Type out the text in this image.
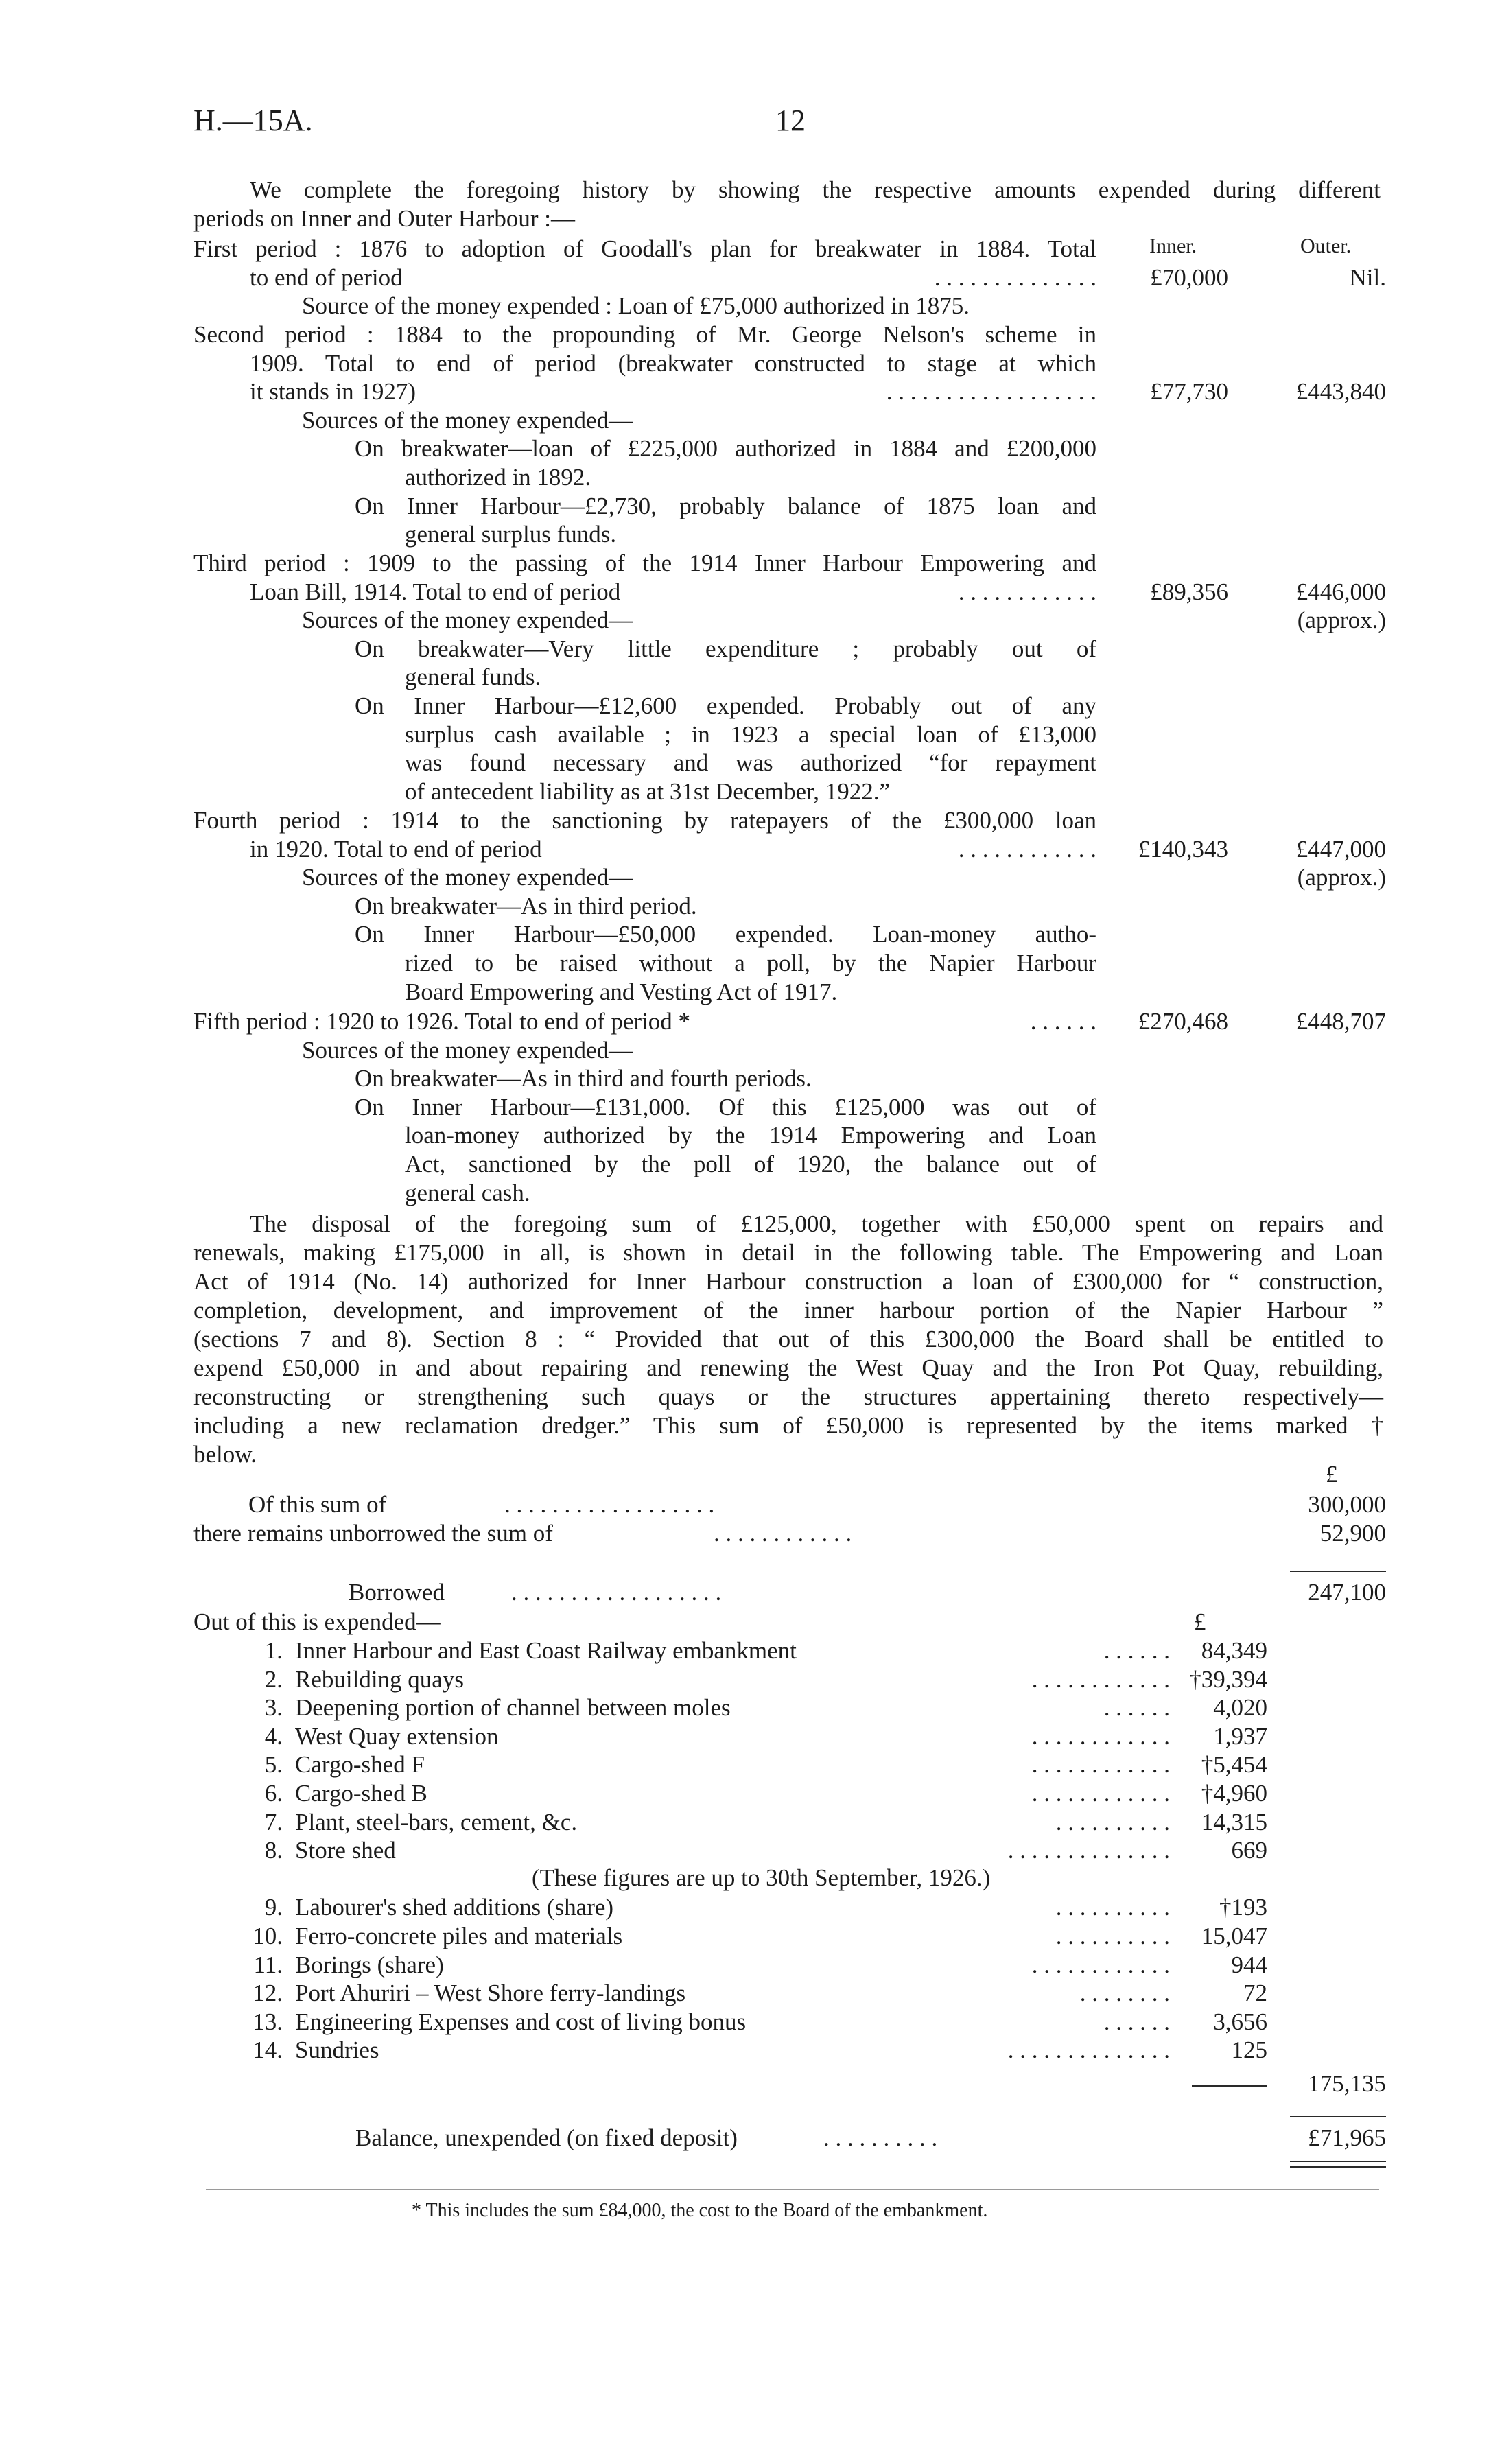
H.—15A.	12
We complete the foregoing history by showing the respective amounts expended during different
periods on Inner and Outer Harbour :—
Inner.	Outer.
First period : 1876 to adoption of Goodall's plan for breakwater in 1884. Total
to end of period	. . . . . . . . . . . . . .	£70,000	Nil.
Source of the money expended : Loan of £75,000 authorized in 1875.
Second period : 1884 to the propounding of Mr. George Nelson's scheme in
1909. Total to end of period (breakwater constructed to stage at which
it stands in 1927)	. . . . . . . . . . . . . . . . . .	£77,730	£443,840
Sources of the money expended—
On breakwater—loan of £225,000 authorized in 1884 and £200,000
authorized in 1892.
On Inner Harbour—£2,730, probably balance of 1875 loan and
general surplus funds.
Third period : 1909 to the passing of the 1914 Inner Harbour Empowering and
Loan Bill, 1914. Total to end of period	. . . . . . . . . . . .	£89,356	£446,000
(approx.)
Sources of the money expended—
On breakwater—Very little expenditure ; probably out of
general funds.
On Inner Harbour—£12,600 expended. Probably out of any
surplus cash available ; in 1923 a special loan of £13,000
was found necessary and was authorized “for repayment
of antecedent liability as at 31st December, 1922.”
Fourth period : 1914 to the sanctioning by ratepayers of the £300,000 loan
in 1920. Total to end of period	. . . . . . . . . . . .	£140,343	£447,000
(approx.)
Sources of the money expended—
On breakwater—As in third period.
On Inner Harbour—£50,000 expended. Loan-money autho-
rized to be raised without a poll, by the Napier Harbour
Board Empowering and Vesting Act of 1917.
Fifth period : 1920 to 1926. Total to end of period *	. . . . . .	£270,468	£448,707
Sources of the money expended—
On breakwater—As in third and fourth periods.
On Inner Harbour—£131,000. Of this £125,000 was out of
loan-money authorized by the 1914 Empowering and Loan
Act, sanctioned by the poll of 1920, the balance out of
general cash.
The disposal of the foregoing sum of £125,000, together with £50,000 spent on repairs and
renewals, making £175,000 in all, is shown in detail in the following table. The Empowering and Loan
Act of 1914 (No. 14) authorized for Inner Harbour construction a loan of £300,000 for “ construction,
completion, development, and improvement of the inner harbour portion of the Napier Harbour ”
(sections 7 and 8). Section 8 : “ Provided that out of this £300,000 the Board shall be entitled to
expend £50,000 in and about repairing and renewing the West Quay and the Iron Pot Quay, rebuilding,
reconstructing or strengthening such quays or the structures appertaining thereto respectively—
including a new reclamation dredger.” This sum of £50,000 is represented by the items marked †
below.
£
Of this sum of	. . . . . . . . . . . . . . . . . .	300,000
there remains unborrowed the sum of	. . . . . . . . . . . .	52,900
Borrowed	. . . . . . . . . . . . . . . . . .	247,100
Out of this is expended—	£
1. Inner Harbour and East Coast Railway embankment	. . . . . .	84,349
2. Rebuilding quays	. . . . . . . . . . . . †39,394
3. Deepening portion of channel between moles	. . . . . .	4,020
4. West Quay extension	. . . . . . . . . . . .	1,937
5. Cargo-shed F	. . . . . . . . . . . .	†5,454
6. Cargo-shed B	. . . . . . . . . . . .	†4,960
7. Plant, steel-bars, cement, &c.	. . . . . . . . . .	14,315
8. Store shed	. . . . . . . . . . . . . .	669
9. Labourer's shed additions (share)	. . . . . . . . . .	†193
10. Ferro-concrete piles and materials	. . . . . . . . . .	15,047
11. Borings (share)	. . . . . . . . . . . .	944
12. Port Ahuriri – West Shore ferry-landings	. . . . . . . .	72
13. Engineering Expenses and cost of living bonus	. . . . . .	3,656
14. Sundries	. . . . . . . . . . . . . .	125
(These figures are up to 30th September, 1926.)
175,135
Balance, unexpended (on fixed deposit)	. . . . . . . . . .	£71,965
* This includes the sum £84,000, the cost to the Board of the embankment.
